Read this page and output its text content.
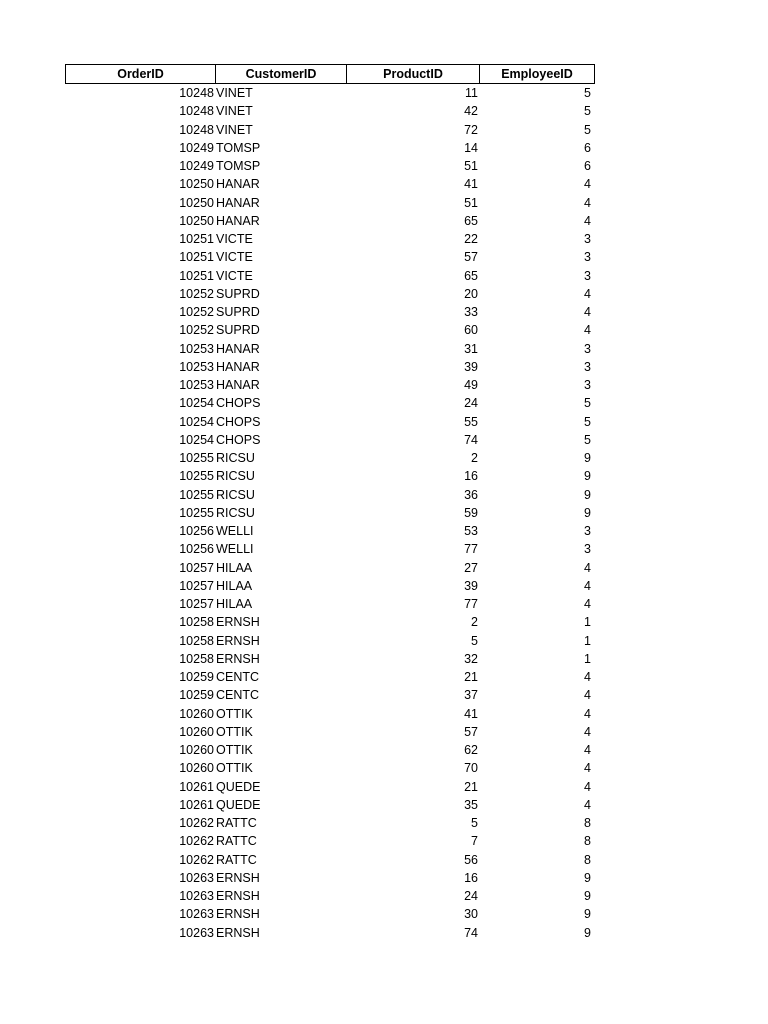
OrderID	CustomerID	ProductID	EmployeeID
10248 VINET	11	5
10248 VINET	42	5
10248 VINET	72	5
10249 TOMSP	14	6
10249 TOMSP	51	6
10250 HANAR	41	4
10250 HANAR	51	4
10250 HANAR	65	4
10251 VICTE	22	3
10251 VICTE	57	3
10251 VICTE	65	3
10252 SUPRD	20	4
10252 SUPRD	33	4
10252 SUPRD	60	4
10253 HANAR	31	3
10253 HANAR	39	3
10253 HANAR	49	3
10254 CHOPS	24	5
10254 CHOPS	55	5
10254 CHOPS	74	5
10255 RICSU	2	9
10255 RICSU	16	9
10255 RICSU	36	9
10255 RICSU	59	9
10256 WELLI	53	3
10256 WELLI	77	3
10257 HILAA	27	4
10257 HILAA	39	4
10257 HILAA	77	4
10258 ERNSH	2	1
10258 ERNSH	5	1
10258 ERNSH	32	1
10259 CENTC	21	4
10259 CENTC	37	4
10260 OTTIK	41	4
10260 OTTIK	57	4
10260 OTTIK	62	4
10260 OTTIK	70	4
10261 QUEDE	21	4
10261 QUEDE	35	4
10262 RATTC	5	8
10262 RATTC	7	8
10262 RATTC	56	8
10263 ERNSH	16	9
10263 ERNSH	24	9
10263 ERNSH	30	9
10263 ERNSH	74	9
